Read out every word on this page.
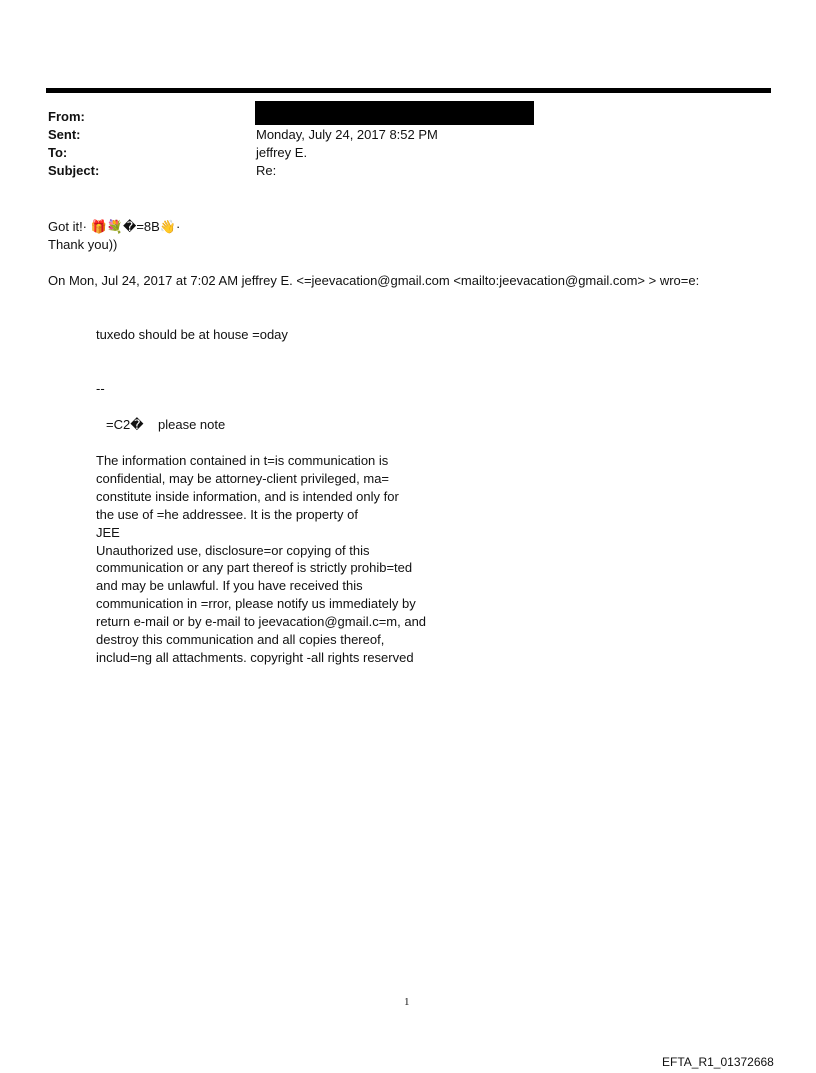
From:
Sent:	Monday, July 24, 2017 8:52 PM
To:	jeffrey E.
Subject:	Re:
Got it!· 🎁💐�=8B👋·
Thank you))
On Mon, Jul 24, 2017 at 7:02 AM jeffrey E. <=jeevacation@gmail.com <mailto:jeevacation@gmail.com> > wro=e:
tuxedo should be at house =oday
--
=C2�    please note
The information contained in t=is communication is
confidential, may be attorney-client privileged, ma=
constitute inside information, and is intended only for
the use of =he addressee. It is the property of
JEE
Unauthorized use, disclosure=or copying of this
communication or any part thereof is strictly prohib=ted
and may be unlawful. If you have received this
communication in =rror, please notify us immediately by
return e-mail or by e-mail to jeevacation@gmail.c=m, and
destroy this communication and all copies thereof,
includ=ng all attachments. copyright -all rights reserved
1
EFTA_R1_01372668
